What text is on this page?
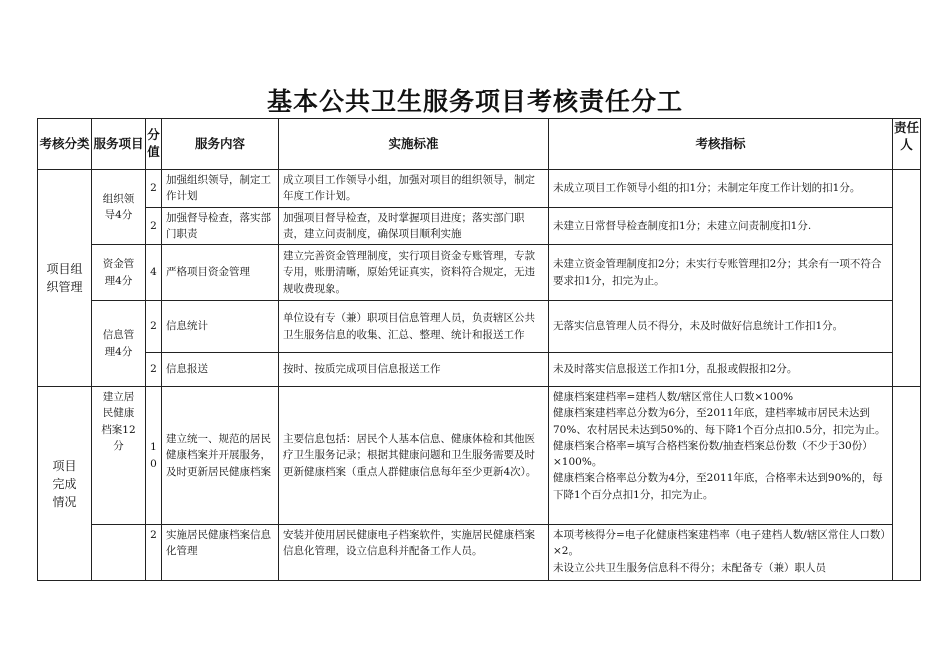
基本公共卫生服务项目考核责任分工
考核分类	服务项目	分值	服务内容	实施标准	考核指标	责任人
项目组织管理	组织领导4分	2	加强组织领导，制定工作计划	成立项目工作领导小组，加强对项目的组织领导，制定年度工作计划。	未成立项目工作领导小组的扣1分；未制定年度工作计划的扣1分。	

		2	加强督导检查，落实部门职责	加强项目督导检查，及时掌握项目进度；落实部门职责，建立问责制度，确保项目顺利实施	未建立日常督导检查制度扣1分；未建立问责制度扣1分.	

	资金管理4分	4	严格项目资金管理	建立完善资金管理制度，实行项目资金专账管理，专款专用，账册清晰，原始凭证真实，资料符合规定，无违规收费现象。	未建立资金管理制度扣2分；未实行专账管理扣2分；其余有一项不符合要求扣1分，扣完为止。	

	信息管理4分	2	信息统计	单位设有专（兼）职项目信息管理人员，负责辖区公共卫生服务信息的收集、汇总、整理、统计和报送工作	无落实信息管理人员不得分，未及时做好信息统计工作扣1分。	

		2	信息报送	按时、按质完成项目信息报送工作	未及时落实信息报送工作扣1分，乱报或假报扣2分。	

项目完成情况	建立居民健康档案12分	10	建立统一、规范的居民健康档案并开展服务，及时更新居民健康档案	主要信息包括：居民个人基本信息、健康体检和其他医疗卫生服务记录；根据其健康问题和卫生服务需要及时更新健康档案（重点人群健康信息每年至少更新4次）。	健康档案建档率=建档人数/辖区常住人口数×100%
健康档案建档率总分数为6分，至2011年底，建档率城市居民未达到70%、农村居民未达到50%的、每下降1个百分点扣0.5分，扣完为止。
健康档案合格率=填写合格档案份数/抽查档案总份数（不少于30份）×100%。
健康档案合格率总分数为4分，至2011年底，合格率未达到90%的，每下降1个百分点扣1分，扣完为止。	

		2	实施居民健康档案信息化管理	安装并使用居民健康电子档案软件，实施居民健康档案信息化管理，设立信息科并配备工作人员。	本项考核得分=电子化健康档案建档率（电子建档人数/辖区常住人口数）×2。
未设立公共卫生服务信息科不得分；未配备专（兼）职人员	
